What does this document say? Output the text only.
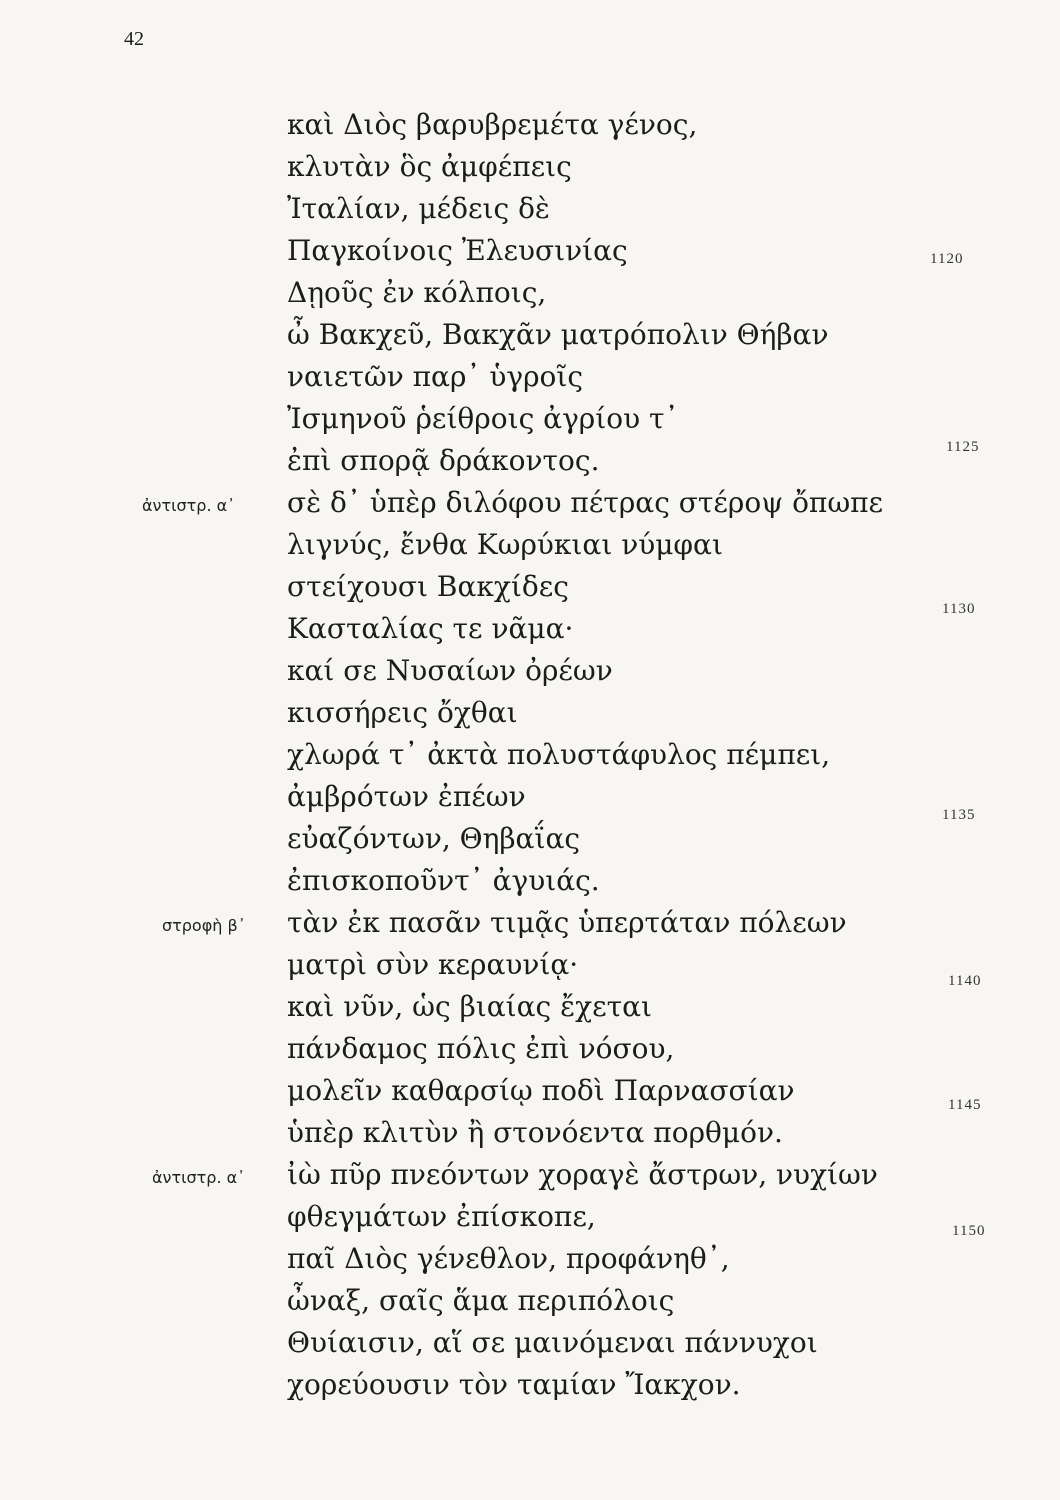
42
καὶ Διὸς βαρυβρεμέτα γένος,
κλυτὰν ὃς ἀμφέπεις
Ἰταλίαν, μέδεις δὲ
Παγκοίνοις Ἐλευσινίας
Δῃοῦς ἐν κόλποις,
ὦ Βακχεῦ, Βακχᾶν ματρόπολιν Θήβαν
ναιετῶν παρ᾽ ὑγροῖς
Ἰσμηνοῦ ῥείθροις ἀγρίου τ᾽
ἐπὶ σπορᾷ δράκοντος.
σὲ δ᾽ ὑπὲρ διλόφου πέτρας στέροψ ὄπωπε
λιγνύς, ἔνθα Κωρύκιαι νύμφαι
στείχουσι Βακχίδες
Κασταλίας τε νᾶμα·
καί σε Νυσαίων ὀρέων
κισσήρεις ὄχθαι
χλωρά τ᾽ ἀκτὰ πολυστάφυλος πέμπει,
ἀμβρότων ἐπέων
εὐαζόντων, Θηβαΐας
ἐπισκοποῦντ᾽ ἀγυιάς.
τὰν ἐκ πασᾶν τιμᾷς ὑπερτάταν πόλεων
ματρὶ σὺν κεραυνίᾳ·
καὶ νῦν, ὡς βιαίας ἔχεται
πάνδαμος πόλις ἐπὶ νόσου,
μολεῖν καθαρσίῳ ποδὶ Παρνασσίαν
ὑπὲρ κλιτὺν ἢ στονόεντα πορθμόν.
ἰὼ πῦρ πνεόντων χοραγὲ ἄστρων, νυχίων
φθεγμάτων ἐπίσκοπε,
παῖ Διὸς γένεθλον, προφάνηθ᾽,
ὦναξ, σαῖς ἅμα περιπόλοις
Θυίαισιν, αἵ σε μαινόμεναι πάννυχοι
χορεύουσιν τὸν ταμίαν Ἴακχον.
ἀντιστρ. α᾽
στροφὴ β᾽
ἀντιστρ. α᾽
1120
1125
1130
1135
1140
1145
1150
